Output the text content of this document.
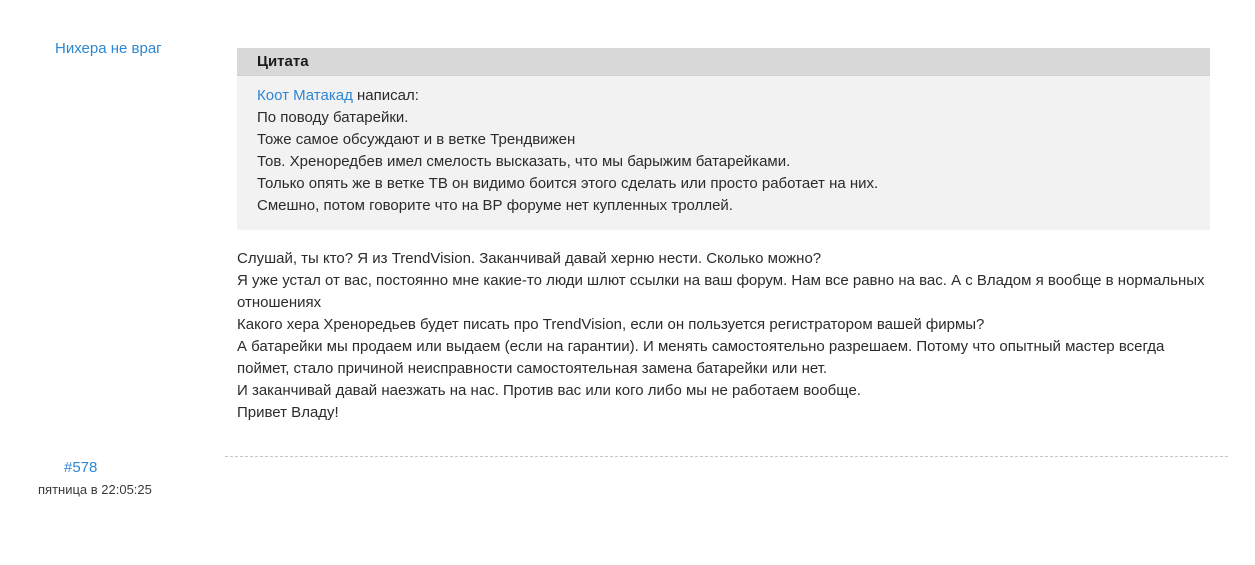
Нихера не враг
Цитата
Коот Матакад написал:
По поводу батарейки.
Тоже самое обсуждают и в ветке Трендвижен
Тов. Хреноредбев имел смелость высказать, что мы барыжим батарейками.
Только опять же в ветке ТВ он видимо боится этого сделать или просто работает на них.
Смешно, потом говорите что на ВР форуме нет купленных троллей.
Слушай, ты кто? Я из TrendVision. Заканчивай давай херню нести. Сколько можно?
Я уже устал от вас, постоянно мне какие-то люди шлют ссылки на ваш форум. Нам все равно на вас. А с Владом я вообще в нормальных отношениях
Какого хера Хреноредьев будет писать про TrendVision, если он пользуется регистратором вашей фирмы?
А батарейки мы продаем или выдаем (если на гарантии). И менять самостоятельно разрешаем. Потому что опытный мастер всегда поймет, стало причиной неисправности самостоятельная замена батарейки или нет.
И заканчивай давай наезжать на нас. Против вас или кого либо мы не работаем вообще.
Привет Владу!
#578
пятница в 22:05:25
